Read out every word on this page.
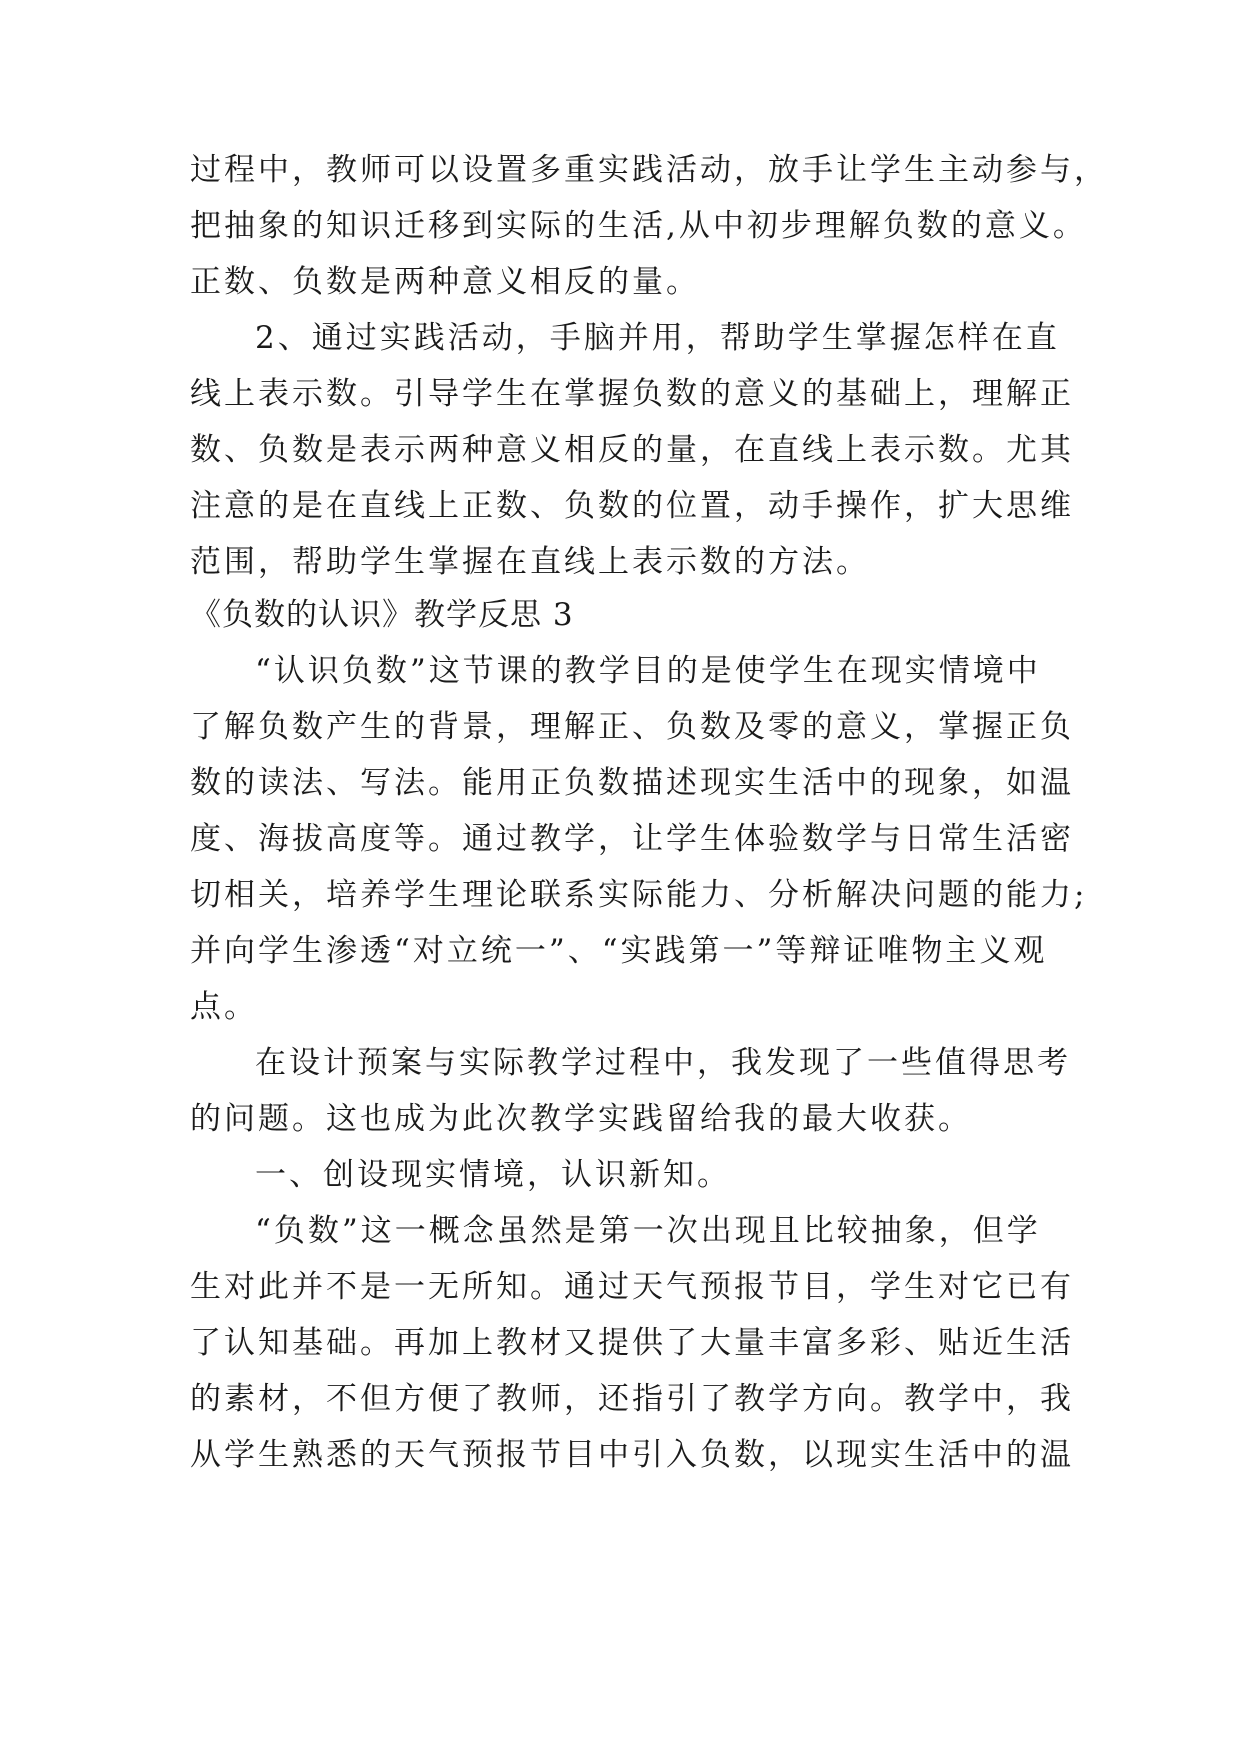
过程中，教师可以设置多重实践活动，放手让学生主动参与，
把抽象的知识迁移到实际的生活,从中初步理解负数的意义。
正数、负数是两种意义相反的量。
2、通过实践活动，手脑并用，帮助学生掌握怎样在直
线上表示数。引导学生在掌握负数的意义的基础上，理解正
数、负数是表示两种意义相反的量，在直线上表示数。尤其
注意的是在直线上正数、负数的位置，动手操作，扩大思维
范围，帮助学生掌握在直线上表示数的方法。
《负数的认识》教学反思 3
“认识负数”这节课的教学目的是使学生在现实情境中
了解负数产生的背景，理解正、负数及零的意义，掌握正负
数的读法、写法。能用正负数描述现实生活中的现象，如温
度、海拔高度等。通过教学，让学生体验数学与日常生活密
切相关，培养学生理论联系实际能力、分析解决问题的能力;
并向学生渗透“对立统一”、“实践第一”等辩证唯物主义观
点。
在设计预案与实际教学过程中，我发现了一些值得思考
的问题。这也成为此次教学实践留给我的最大收获。
一、创设现实情境，认识新知。
“负数”这一概念虽然是第一次出现且比较抽象，但学
生对此并不是一无所知。通过天气预报节目，学生对它已有
了认知基础。再加上教材又提供了大量丰富多彩、贴近生活
的素材，不但方便了教师，还指引了教学方向。教学中，我
从学生熟悉的天气预报节目中引入负数，以现实生活中的温
